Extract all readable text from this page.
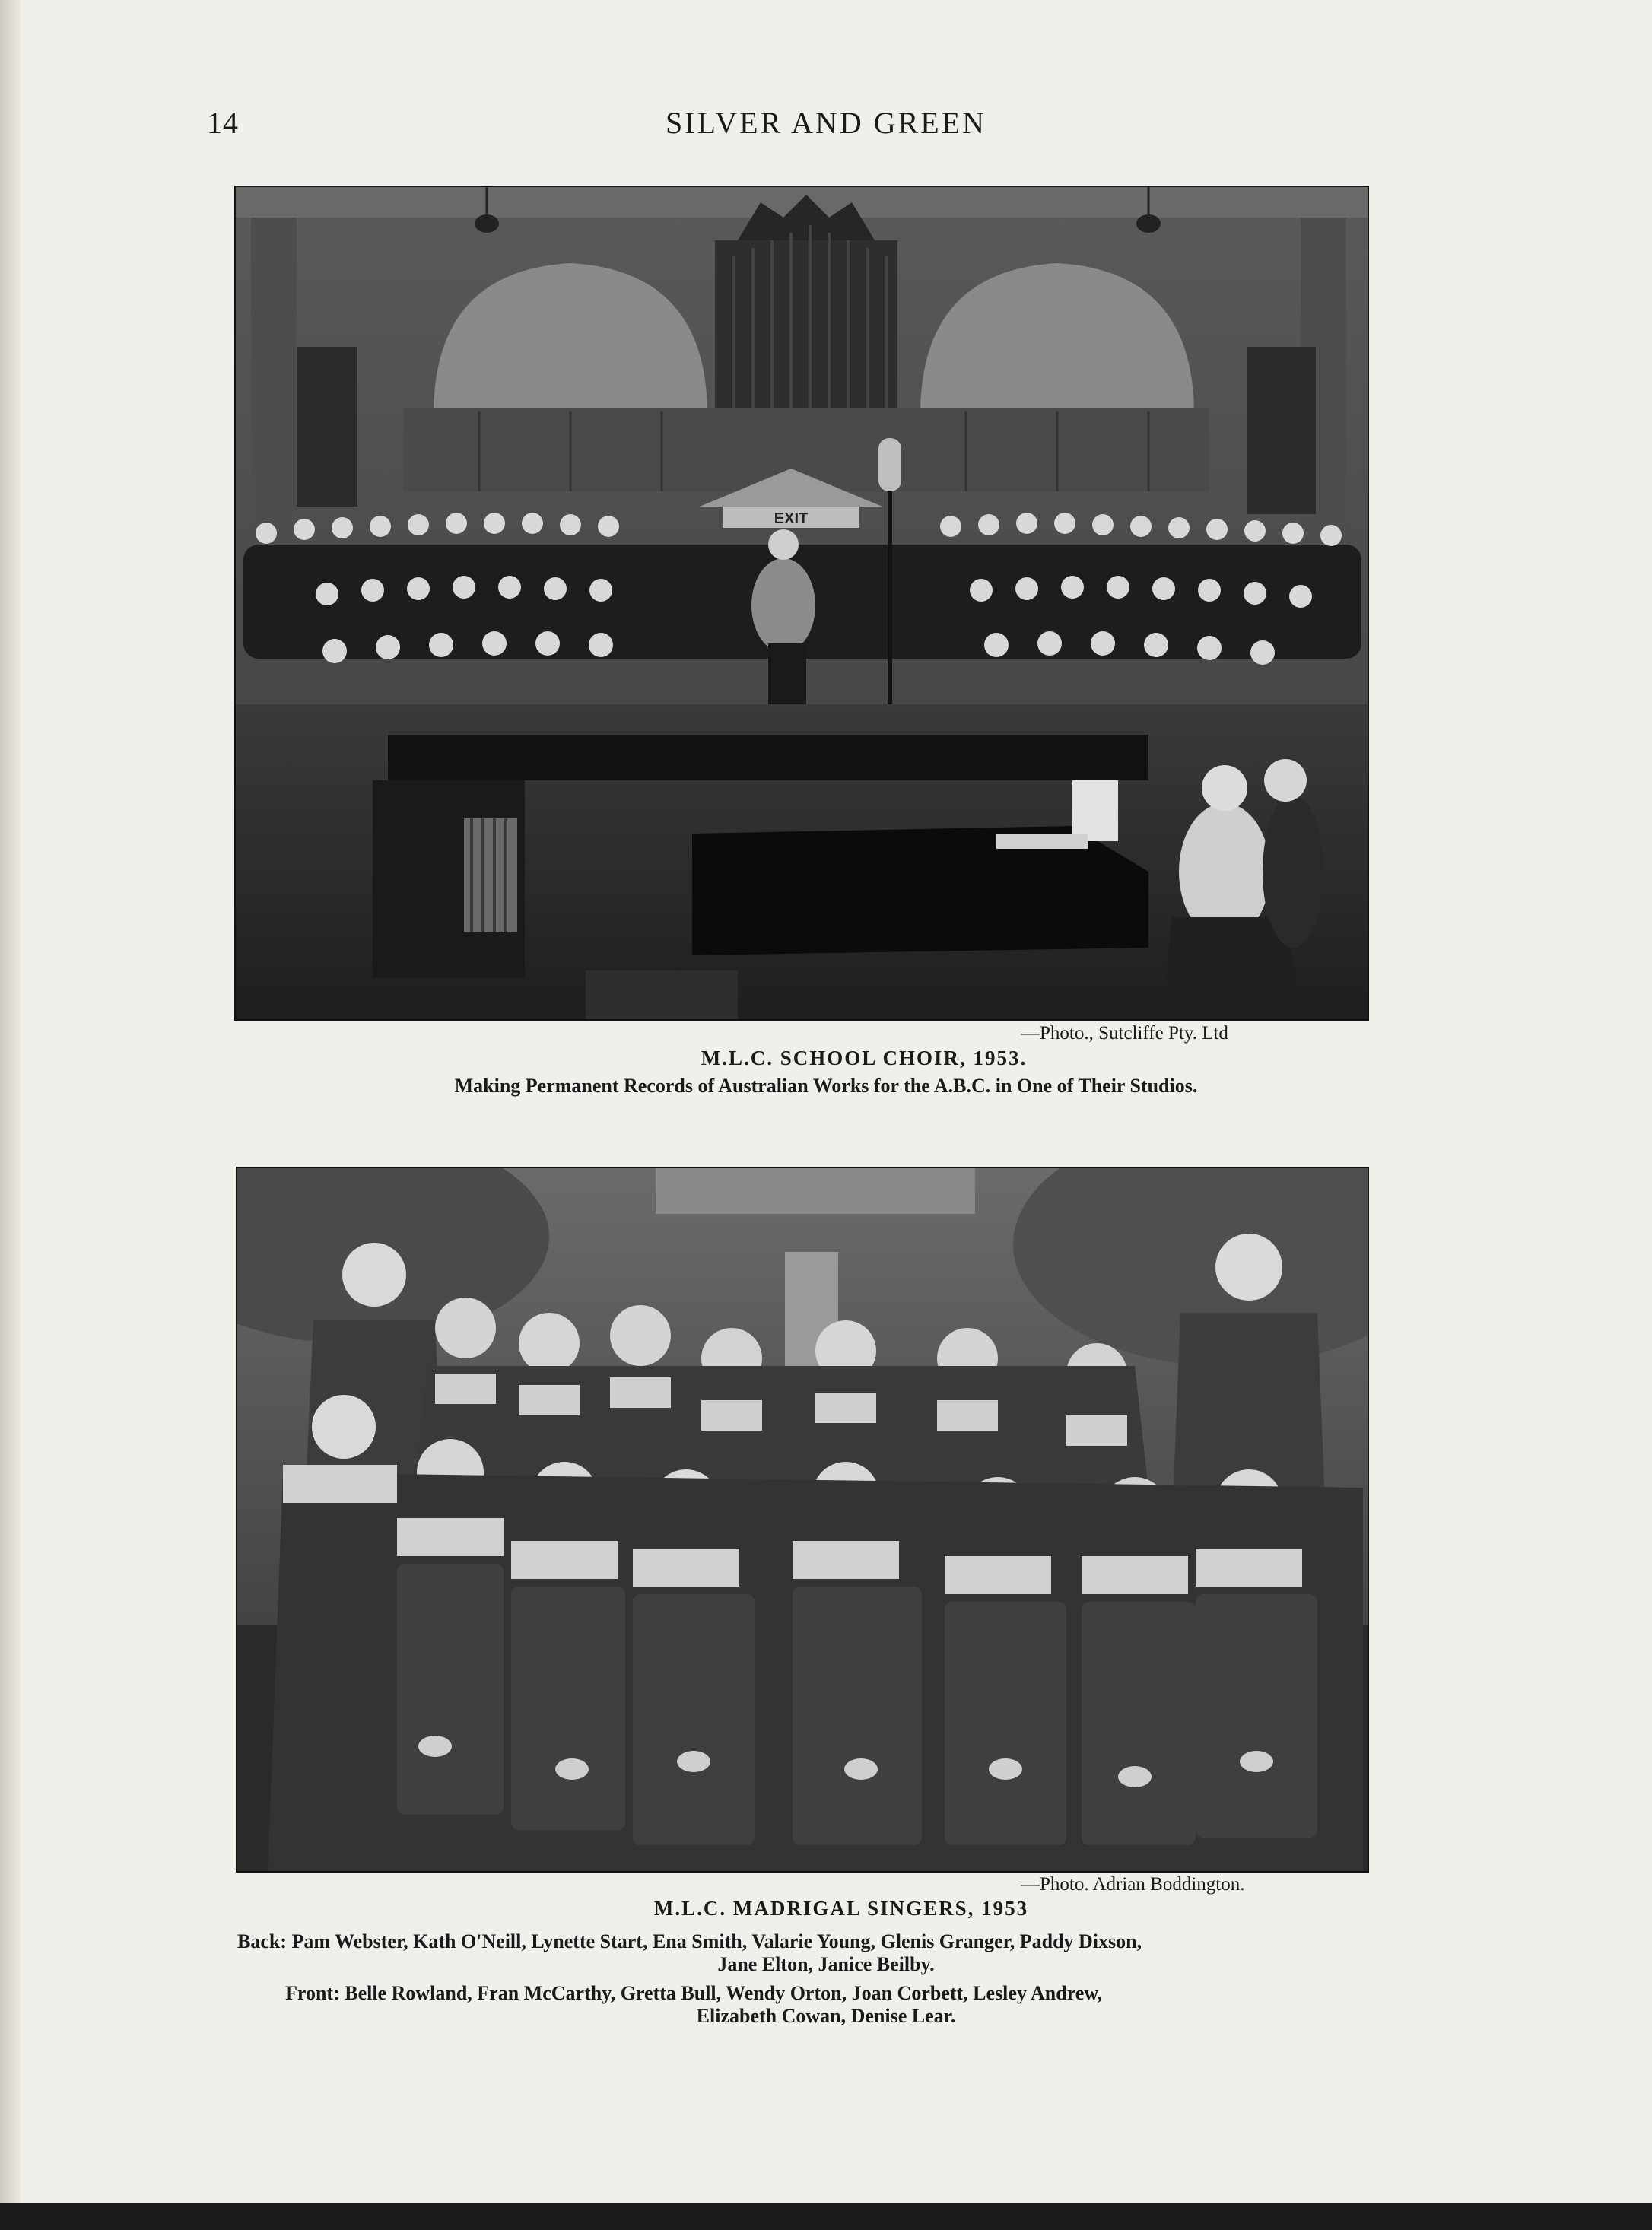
14	SILVER AND GREEN
EXIT
—Photo., Sutcliffe Pty. Ltd
M.L.C. SCHOOL CHOIR, 1953.
Making Permanent Records of Australian Works for the A.B.C. in One of Their Studios.
—Photo. Adrian Boddington.
M.L.C. MADRIGAL SINGERS, 1953
Back: Pam Webster, Kath O'Neill, Lynette Start, Ena Smith, Valarie Young, Glenis Granger, Paddy Dixson,
Jane Elton, Janice Beilby.
Front: Belle Rowland, Fran McCarthy, Gretta Bull, Wendy Orton, Joan Corbett, Lesley Andrew,
Elizabeth Cowan, Denise Lear.
